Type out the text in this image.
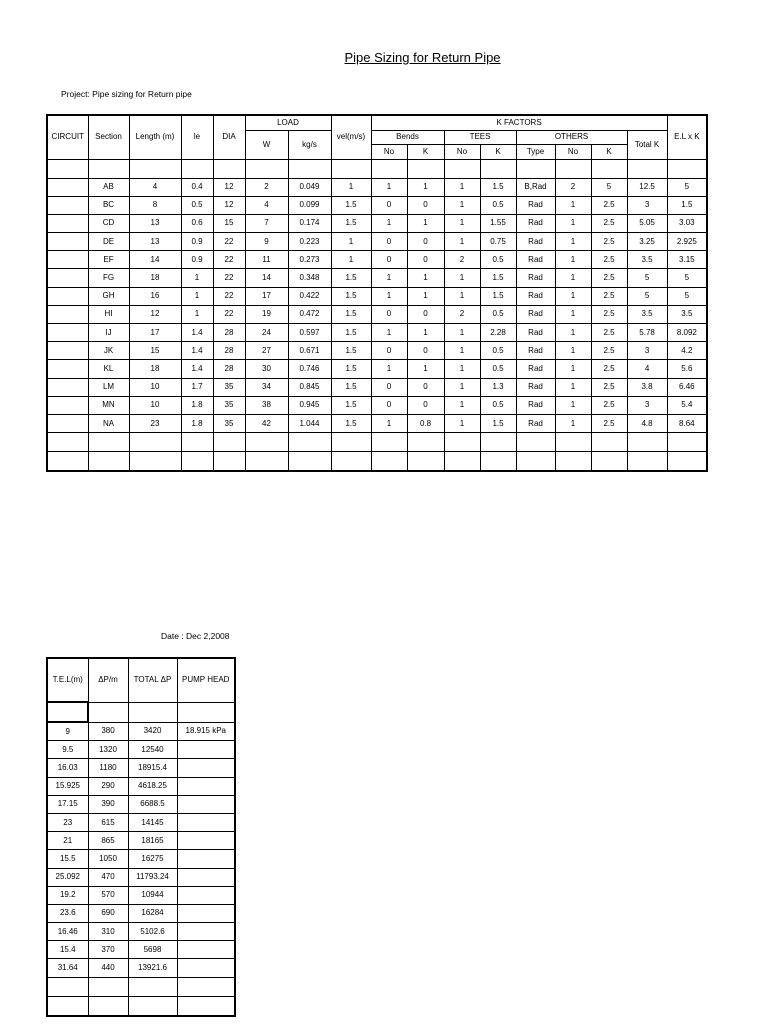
Pipe Sizing for Return Pipe
Project: Pipe sizing for Return pipe
CIRCUIT	Section	Length (m)	le	DIA	LOAD		vel(m/s)	K FACTORS								E.L x K
					W	kg/s		Bends		TEES		OTHERS			Total K	
								No	K	No	K	Type	No	K		

	AB	4	0.4	12	2	0.049	1	1	1	1	1.5	B,Rad	2	5	12.5	5
	BC	8	0.5	12	4	0.099	1.5	0	0	1	0.5	Rad	1	2.5	3	1.5
	CD	13	0.6	15	7	0.174	1.5	1	1	1	1.55	Rad	1	2.5	5.05	3.03
	DE	13	0.9	22	9	0.223	1	0	0	1	0.75	Rad	1	2.5	3.25	2.925
	EF	14	0.9	22	11	0.273	1	0	0	2	0.5	Rad	1	2.5	3.5	3.15
	FG	18	1	22	14	0.348	1.5	1	1	1	1.5	Rad	1	2.5	5	5
	GH	16	1	22	17	0.422	1.5	1	1	1	1.5	Rad	1	2.5	5	5
	HI	12	1	22	19	0.472	1.5	0	0	2	0.5	Rad	1	2.5	3.5	3.5
	IJ	17	1.4	28	24	0.597	1.5	1	1	1	2.28	Rad	1	2.5	5.78	8.092
	JK	15	1.4	28	27	0.671	1.5	0	0	1	0.5	Rad	1	2.5	3	4.2
	KL	18	1.4	28	30	0.746	1.5	1	1	1	0.5	Rad	1	2.5	4	5.6
	LM	10	1.7	35	34	0.845	1.5	0	0	1	1.3	Rad	1	2.5	3.8	6.46
	MN	10	1.8	35	38	0.945	1.5	0	0	1	0.5	Rad	1	2.5	3	5.4
	NA	23	1.8	35	42	1.044	1.5	1	0.8	1	1.5	Rad	1	2.5	4.8	8.64

Date : Dec 2,2008
T.E.L(m)	ΔP/m	TOTAL ΔP	PUMP HEAD

9	380	3420	18.915 kPa
9.5	1320	12540	
16.03	1180	18915.4	
15.925	290	4618.25	
17.15	390	6688.5	
23	615	14145	
21	865	18165	
15.5	1050	16275	
25.092	470	11793.24	
19.2	570	10944	
23.6	690	16284	
16.46	310	5102.6	
15.4	370	5698	
31.64	440	13921.6	
